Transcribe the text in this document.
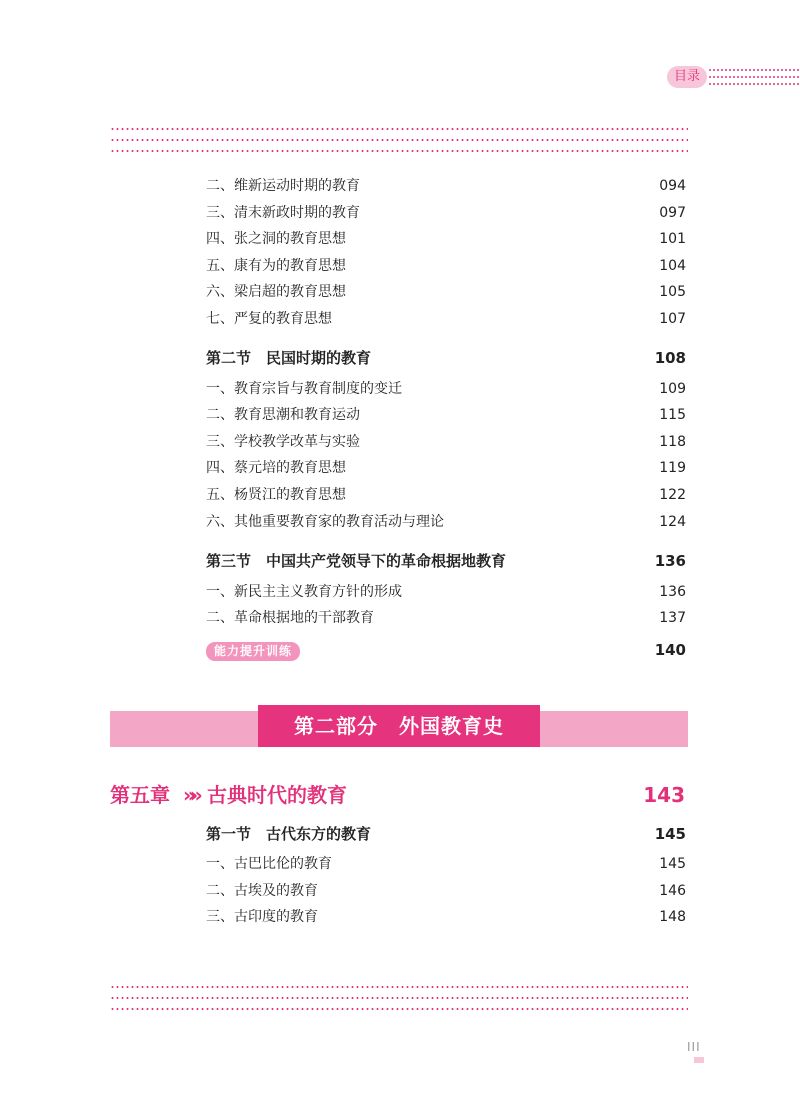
目录
二、维新运动时期的教育	094
三、清末新政时期的教育	097
四、张之洞的教育思想	101
五、康有为的教育思想	104
六、梁启超的教育思想	105
七、严复的教育思想	107
第二节　民国时期的教育	108
一、教育宗旨与教育制度的变迁	109
二、教育思潮和教育运动	115
三、学校教学改革与实验	118
四、蔡元培的教育思想	119
五、杨贤江的教育思想	122
六、其他重要教育家的教育活动与理论	124
第三节　中国共产党领导下的革命根据地教育	136
一、新民主主义教育方针的形成	136
二、革命根据地的干部教育	137
能力提升训练	140
第二部分　外国教育史
第五章 »» 古典时代的教育	143
第一节　古代东方的教育	145
一、古巴比伦的教育	145
二、古埃及的教育	146
三、古印度的教育	148
III
